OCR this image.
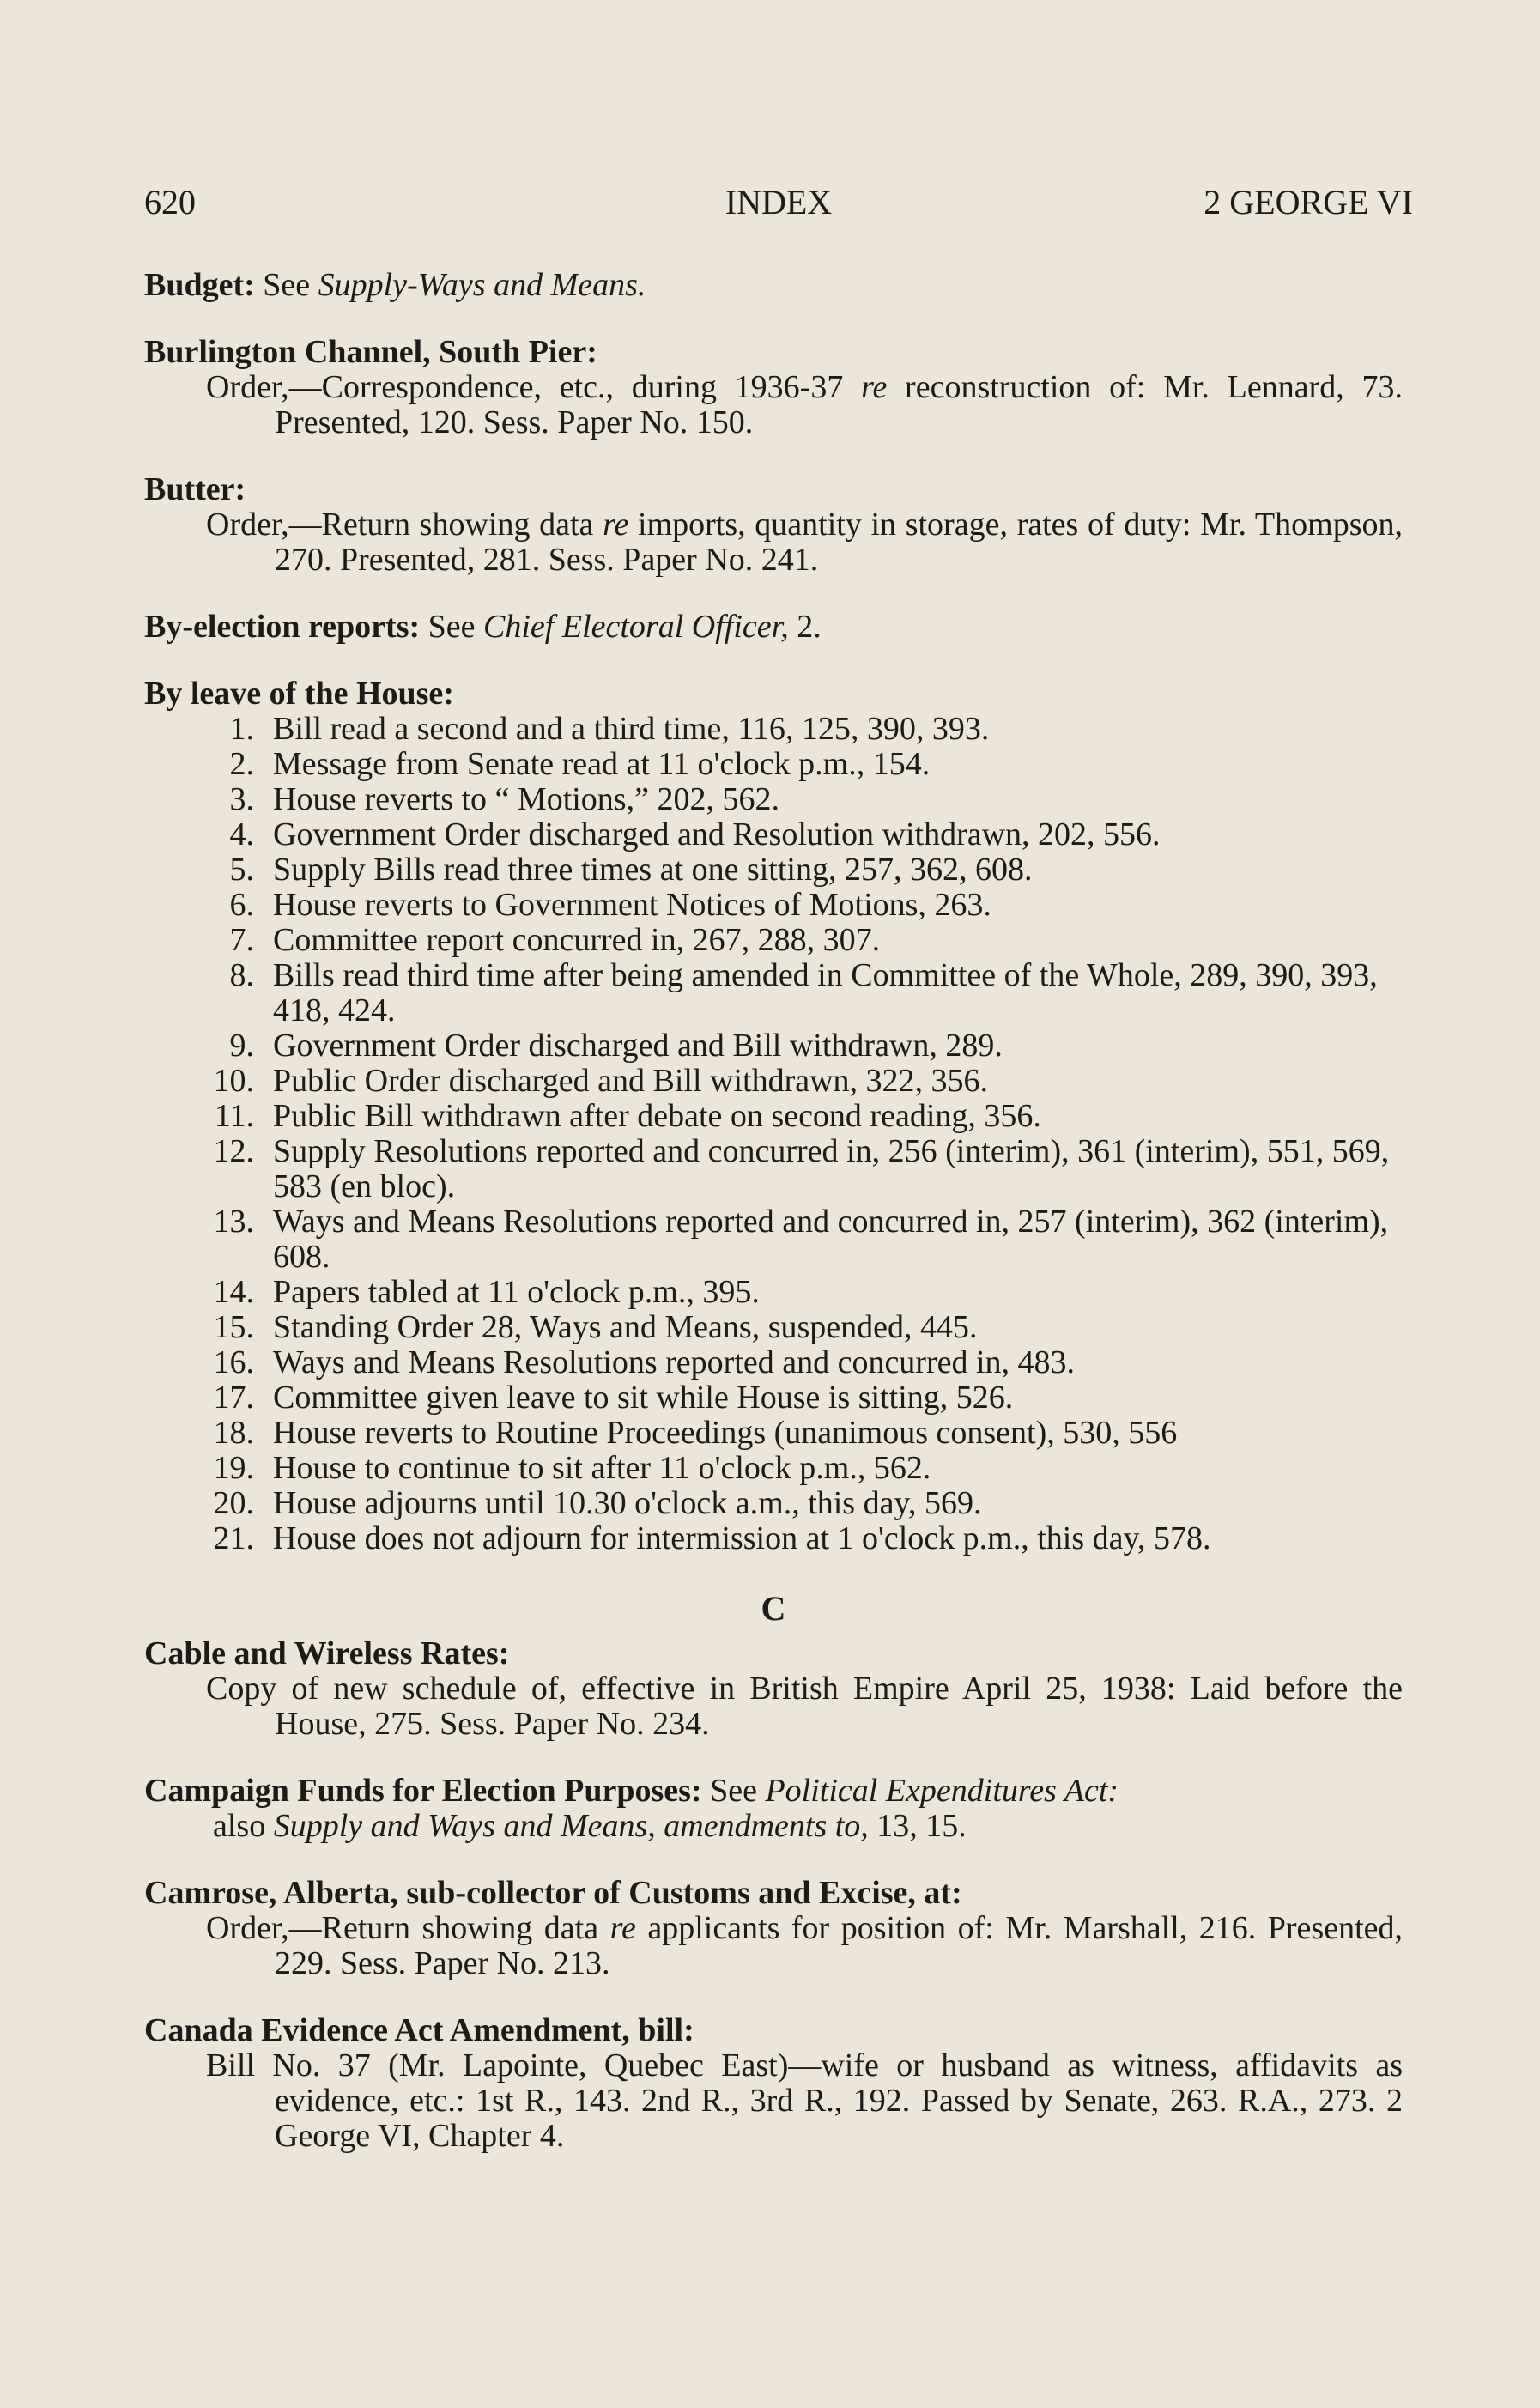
620	INDEX	2 GEORGE VI
Budget: See Supply-Ways and Means.
Burlington Channel, South Pier:
Order,—Correspondence, etc., during 1936-37 re reconstruction of: Mr. Lennard, 73. Presented, 120. Sess. Paper No. 150.
Butter:
Order,—Return showing data re imports, quantity in storage, rates of duty: Mr. Thompson, 270. Presented, 281. Sess. Paper No. 241.
By-election reports: See Chief Electoral Officer, 2.
By leave of the House:
1. Bill read a second and a third time, 116, 125, 390, 393.
2. Message from Senate read at 11 o'clock p.m., 154.
3. House reverts to “ Motions,” 202, 562.
4. Government Order discharged and Resolution withdrawn, 202, 556.
5. Supply Bills read three times at one sitting, 257, 362, 608.
6. House reverts to Government Notices of Motions, 263.
7. Committee report concurred in, 267, 288, 307.
8. Bills read third time after being amended in Committee of the Whole, 289, 390, 393, 418, 424.
9. Government Order discharged and Bill withdrawn, 289.
10. Public Order discharged and Bill withdrawn, 322, 356.
11. Public Bill withdrawn after debate on second reading, 356.
12. Supply Resolutions reported and concurred in, 256 (interim), 361 (interim), 551, 569, 583 (en bloc).
13. Ways and Means Resolutions reported and concurred in, 257 (interim), 362 (interim), 608.
14. Papers tabled at 11 o'clock p.m., 395.
15. Standing Order 28, Ways and Means, suspended, 445.
16. Ways and Means Resolutions reported and concurred in, 483.
17. Committee given leave to sit while House is sitting, 526.
18. House reverts to Routine Proceedings (unanimous consent), 530, 556
19. House to continue to sit after 11 o'clock p.m., 562.
20. House adjourns until 10.30 o'clock a.m., this day, 569.
21. House does not adjourn for intermission at 1 o'clock p.m., this day, 578.
C
Cable and Wireless Rates:
Copy of new schedule of, effective in British Empire April 25, 1938: Laid before the House, 275. Sess. Paper No. 234.
Campaign Funds for Election Purposes: See Political Expenditures Act:
also Supply and Ways and Means, amendments to, 13, 15.
Camrose, Alberta, sub-collector of Customs and Excise, at:
Order,—Return showing data re applicants for position of: Mr. Marshall, 216. Presented, 229. Sess. Paper No. 213.
Canada Evidence Act Amendment, bill:
Bill No. 37 (Mr. Lapointe, Quebec East)—wife or husband as witness, affidavits as evidence, etc.: 1st R., 143. 2nd R., 3rd R., 192. Passed by Senate, 263. R.A., 273. 2 George VI, Chapter 4.
